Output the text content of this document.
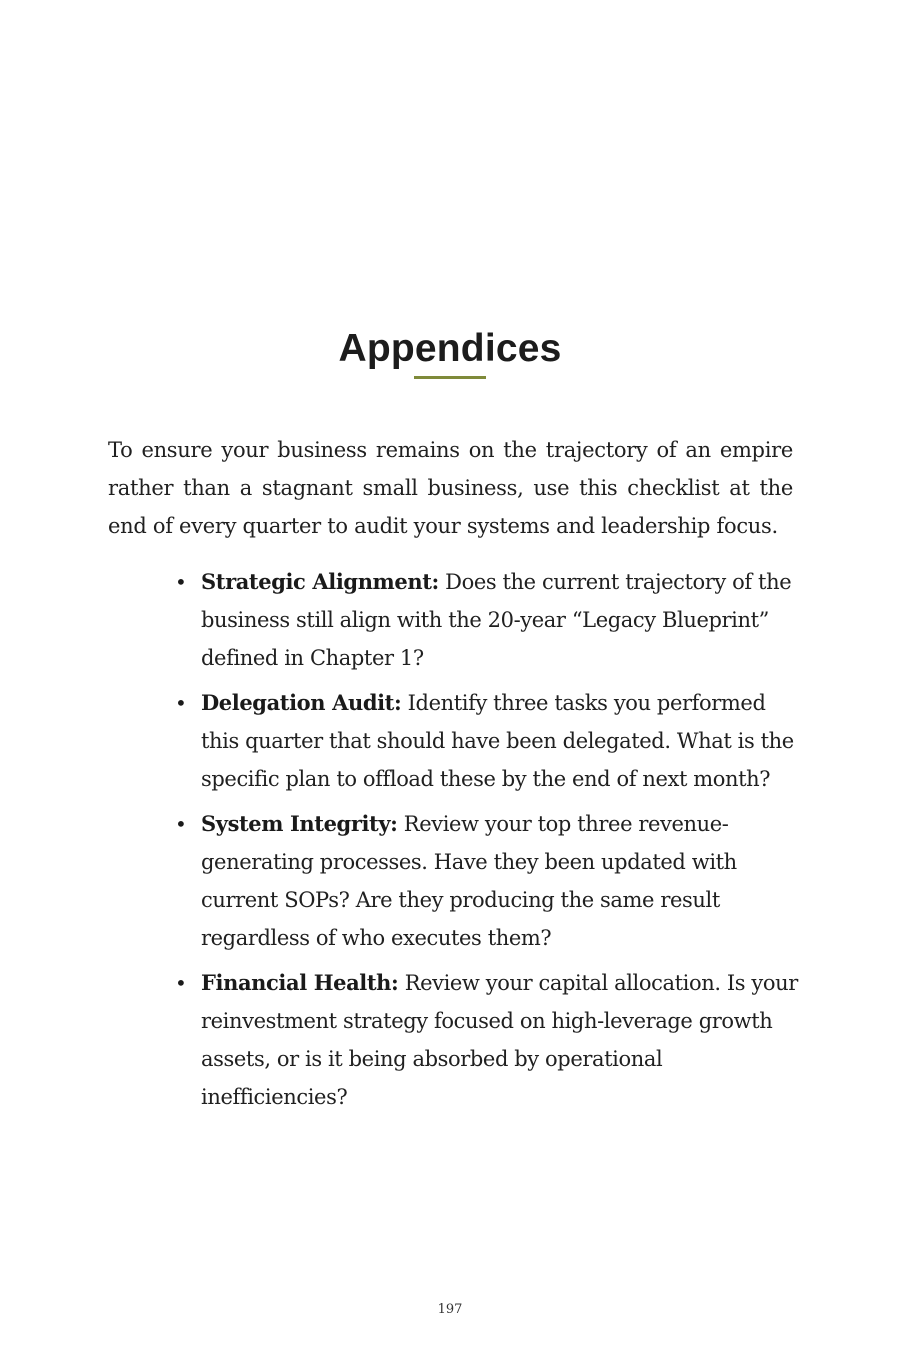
Appendices

To ensure your business remains on the trajectory of an empire rather than a stagnant small business, use this checklist at the end of every quarter to audit your systems and leadership focus.

• Strategic Alignment: Does the current trajectory of the business still align with the 20-year “Legacy Blueprint” defined in Chapter 1?
• Delegation Audit: Identify three tasks you performed this quarter that should have been delegated. What is the specific plan to offload these by the end of next month?
• System Integrity: Review your top three revenue-generating processes. Have they been updated with current SOPs? Are they producing the same result regardless of who executes them?
• Financial Health: Review your capital allocation. Is your reinvestment strategy focused on high-leverage growth assets, or is it being absorbed by operational inefficiencies?
197
